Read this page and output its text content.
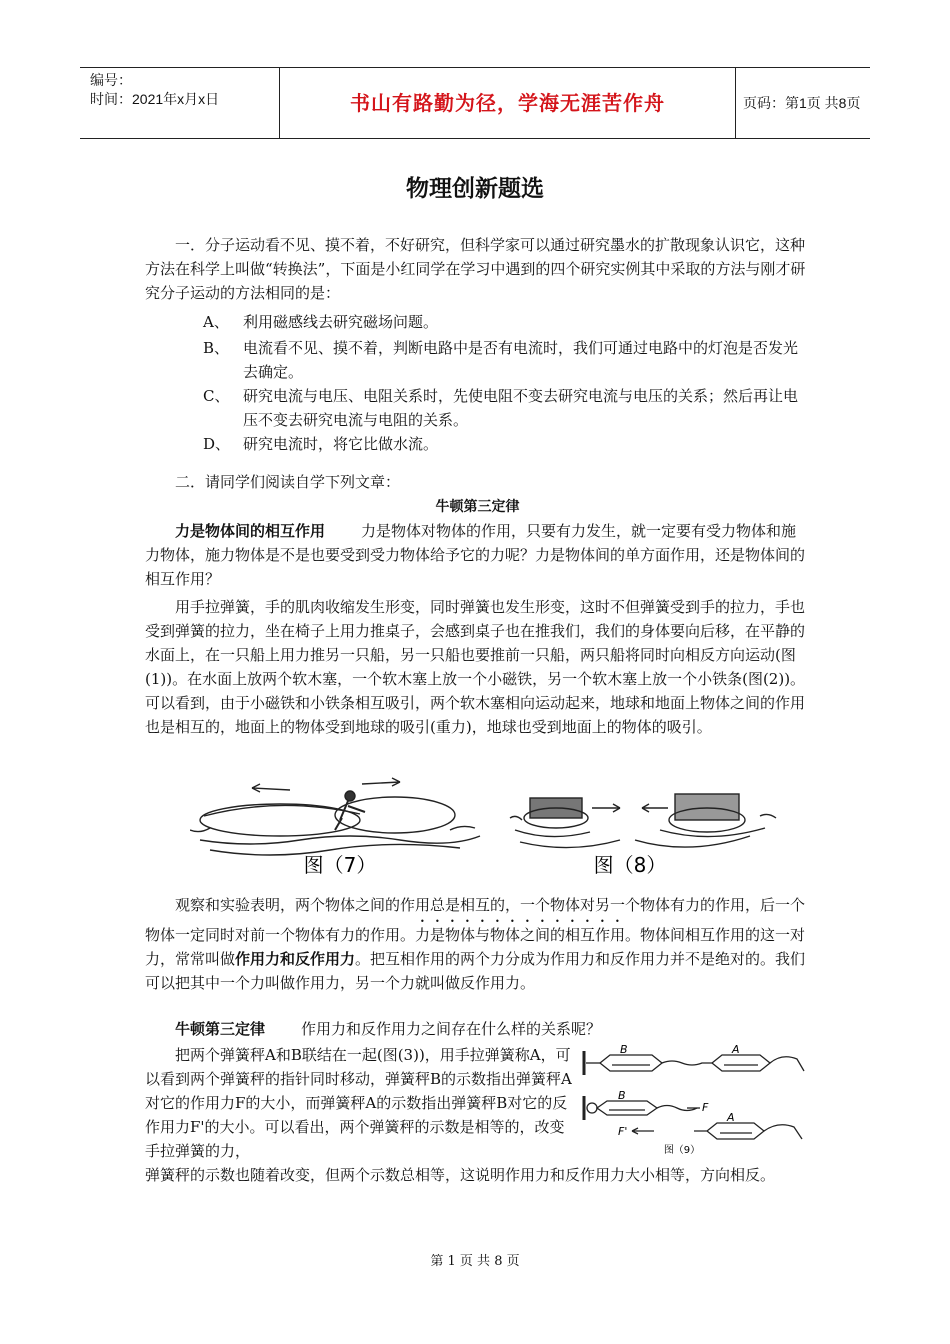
编号：
时间：2021年x月x日	书山有路勤为径，学海无涯苦作舟	页码：第1页 共8页
物理创新题选
一．分子运动看不见、摸不着，不好研究，但科学家可以通过研究墨水的扩散现象认识它，这种方法在科学上叫做“转换法”，下面是小红同学在学习中遇到的四个研究实例其中采取的方法与刚才研究分子运动的方法相同的是：
A、 利用磁感线去研究磁场问题。
B、 电流看不见、摸不着，判断电路中是否有电流时，我们可通过电路中的灯泡是否发光去确定。
C、 研究电流与电压、电阻关系时，先使电阻不变去研究电流与电压的关系；然后再让电压不变去研究电流与电阻的关系。
D、 研究电流时，将它比做水流。
二．请同学们阅读自学下列文章：
牛顿第三定律
力是物体间的相互作用 力是物体对物体的作用，只要有力发生，就一定要有受力物体和施力物体，施力物体是不是也要受到受力物体给予它的力呢？力是物体间的单方面作用，还是物体间的相互作用？
用手拉弹簧，手的肌肉收缩发生形变，同时弹簧也发生形变，这时不但弹簧受到手的拉力，手也受到弹簧的拉力，坐在椅子上用力推桌子，会感到桌子也在推我们，我们的身体要向后移，在平静的水面上，在一只船上用力推另一只船，另一只船也要推前一只船，两只船将同时向相反方向运动(图(1))。在水面上放两个软木塞，一个软木塞上放一个小磁铁，另一个软木塞上放一个小铁条(图(2))。可以看到，由于小磁铁和小铁条相互吸引，两个软木塞相向运动起来，地球和地面上物体之间的作用也是相互的，地面上的物体受到地球的吸引(重力)，地球也受到地面上的物体的吸引。
图（7）	图（8）
观察和实验表明，两个物体之间的作用总是相互的，一个物体对另一个物体有力的作用，后一个物体一定同时对前一个物体有力的作用。力是物体与物体之间的相互作用。物体间相互作用的这一对力，常常叫做作用力和反作用力。把互相作用的两个力分成为作用力和反作用力并不是绝对的。我们可以把其中一个力叫做作用力，另一个力就叫做反作用力。
牛顿第三定律 作用力和反作用力之间存在什么样的关系呢？
把两个弹簧秤A和B联结在一起(图(3))，用手拉弹簧称A，可以看到两个弹簧秤的指针同时移动，弹簧秤B的示数指出弹簧秤A对它的作用力F的大小，而弹簧秤A的示数指出弹簧秤B对它的反作用力F'的大小。可以看出，两个弹簧秤的示数是相等的，改变手拉弹簧的力，
弹簧秤的示数也随着改变，但两个示数总相等，这说明作用力和反作用力大小相等，方向相反。
B	A
B
F
F'
A
图（9）
第 1 页 共 8 页
